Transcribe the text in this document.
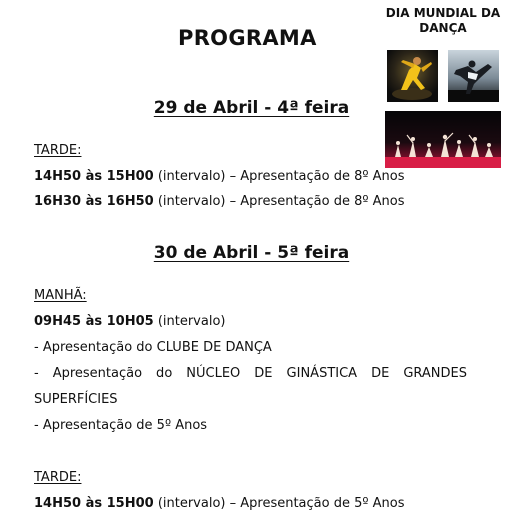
PROGRAMA
DIA MUNDIAL DA
DANÇA
29 de Abril - 4ª feira
TARDE:
14H50 às 15H00 (intervalo) – Apresentação de 8º Anos
16H30 às 16H50 (intervalo) – Apresentação de 8º Anos
30 de Abril - 5ª feira
MANHÃ:
09H45 às 10H05 (intervalo)
- Apresentação do CLUBE DE DANÇA
- Apresentação do NÚCLEO DE GINÁSTICA DE GRANDES
SUPERFÍCIES
- Apresentação de 5º Anos
TARDE:
14H50 às 15H00 (intervalo) – Apresentação de 5º Anos
